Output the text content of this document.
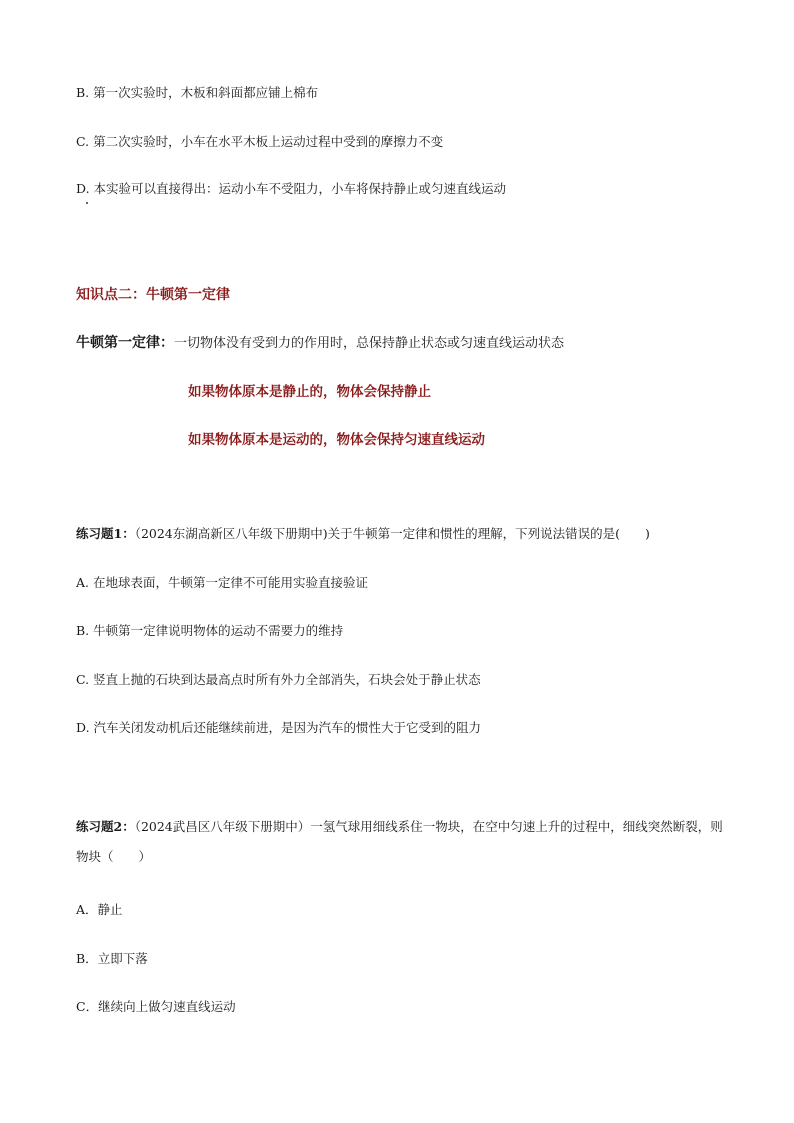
B. 第一次实验时，木板和斜面都应铺上棉布
C. 第二次实验时，小车在水平木板上运动过程中受到的摩擦力不变
D. 本实验可以直接得出：运动小车不受阻力，小车将保持静止或匀速直线运动
知识点二：牛顿第一定律
牛顿第一定律：一切物体没有受到力的作用时，总保持静止状态或匀速直线运动状态
如果物体原本是静止的，物体会保持静止
如果物体原本是运动的，物体会保持匀速直线运动
练习题1：（2024东湖高新区八年级下册期中)关于牛顿第一定律和惯性的理解，下列说法错误的是(　　)
A. 在地球表面，牛顿第一定律不可能用实验直接验证
B. 牛顿第一定律说明物体的运动不需要力的维持
C. 竖直上抛的石块到达最高点时所有外力全部消失，石块会处于静止状态
D. 汽车关闭发动机后还能继续前进，是因为汽车的惯性大于它受到的阻力
练习题2：（2024武昌区八年级下册期中）一氢气球用细线系住一物块，在空中匀速上升的过程中，细线突然断裂，则物块（　　）
A．静止
B．立即下落
C．继续向上做匀速直线运动
